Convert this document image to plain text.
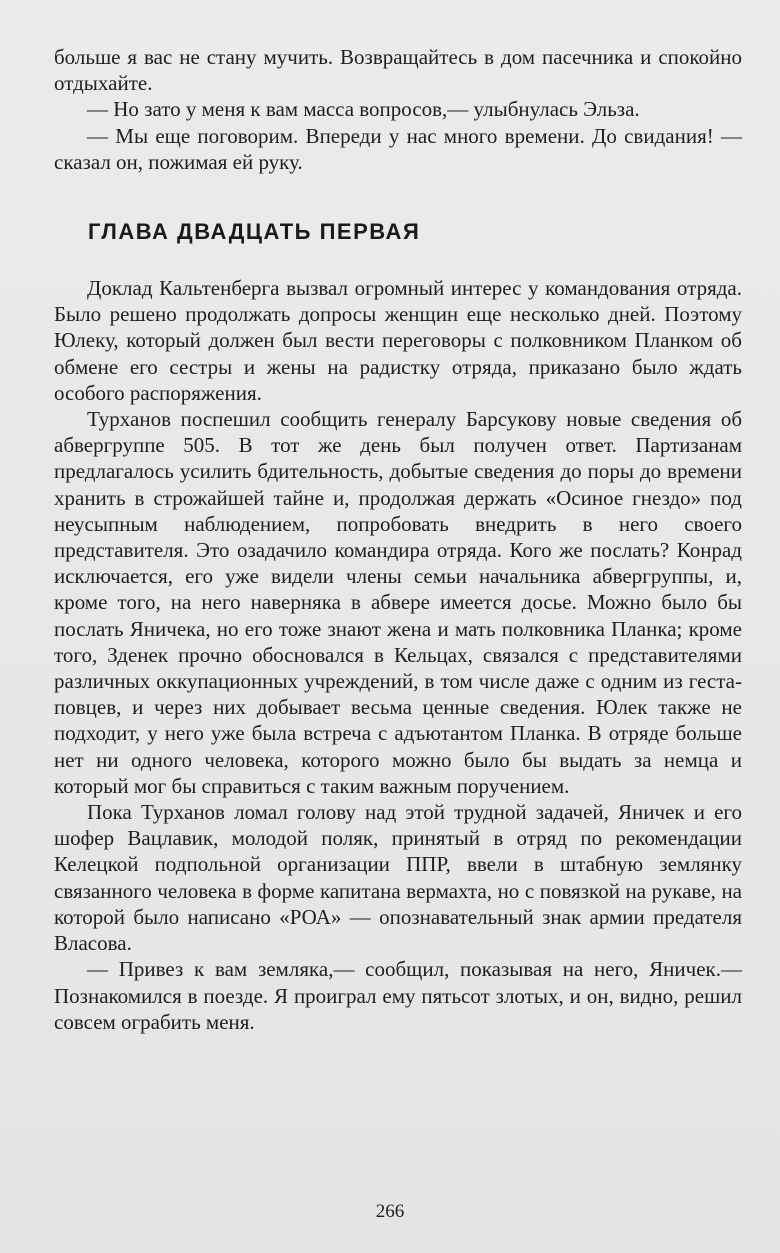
больше я вас не стану мучить. Возвращайтесь в дом пасечника и спокойно отдыхайте.

— Но зато у меня к вам масса вопросов,— улыбнулась Эльза.

— Мы еще поговорим. Впереди у нас много времени. До свидания! — сказал он, пожимая ей руку.

ГЛАВА ДВАДЦАТЬ ПЕРВАЯ

Доклад Кальтенберга вызвал огромный интерес у командования отряда. Было решено продолжать допросы женщин еще несколько дней. Поэтому Юлеку, который должен был вести переговоры с полковником Планком об обмене его сестры и жены на радистку отряда, приказано было ждать особого распоряжения.

Турханов поспешил сообщить генералу Барсукову новые сведения об абвергруппе 505. В тот же день был получен ответ. Партизанам предлагалось усилить бдительность, добытые сведения до поры до времени хранить в строжайшей тайне и, продолжая держать «Осиное гнездо» под неусыпным наблюдением, попробовать внедрить в него своего представителя. Это озадачило командира отряда. Кого же послать? Конрад исключается, его уже видели члены семьи начальника абвергруппы, и, кроме того, на него наверняка в абвере имеется досье. Можно было бы послать Яничека, но его тоже знают жена и мать полковника Планка; кроме того, Зденек прочно обосновался в Кельцах, связался с представителями различных оккупационных учреждений, в том числе даже с одним из гестаповцев, и через них добывает весьма ценные сведения. Юлек также не подходит, у него уже была встреча с адъютантом Планка. В отряде больше нет ни одного человека, которого можно было бы выдать за немца и который мог бы справиться с таким важным поручением.

Пока Турханов ломал голову над этой трудной задачей, Яничек и его шофер Вацлавик, молодой поляк, принятый в отряд по рекомендации Келецкой подпольной организации ППР, ввели в штабную землянку связанного человека в форме капитана вермахта, но с повязкой на рукаве, на которой было написано «РОА» — опознавательный знак армии предателя Власова.

— Привез к вам земляка,— сообщил, показывая на него, Яничек.— Познакомился в поезде. Я проиграл ему пятьсот злотых, и он, видно, решил совсем ограбить меня.

266
